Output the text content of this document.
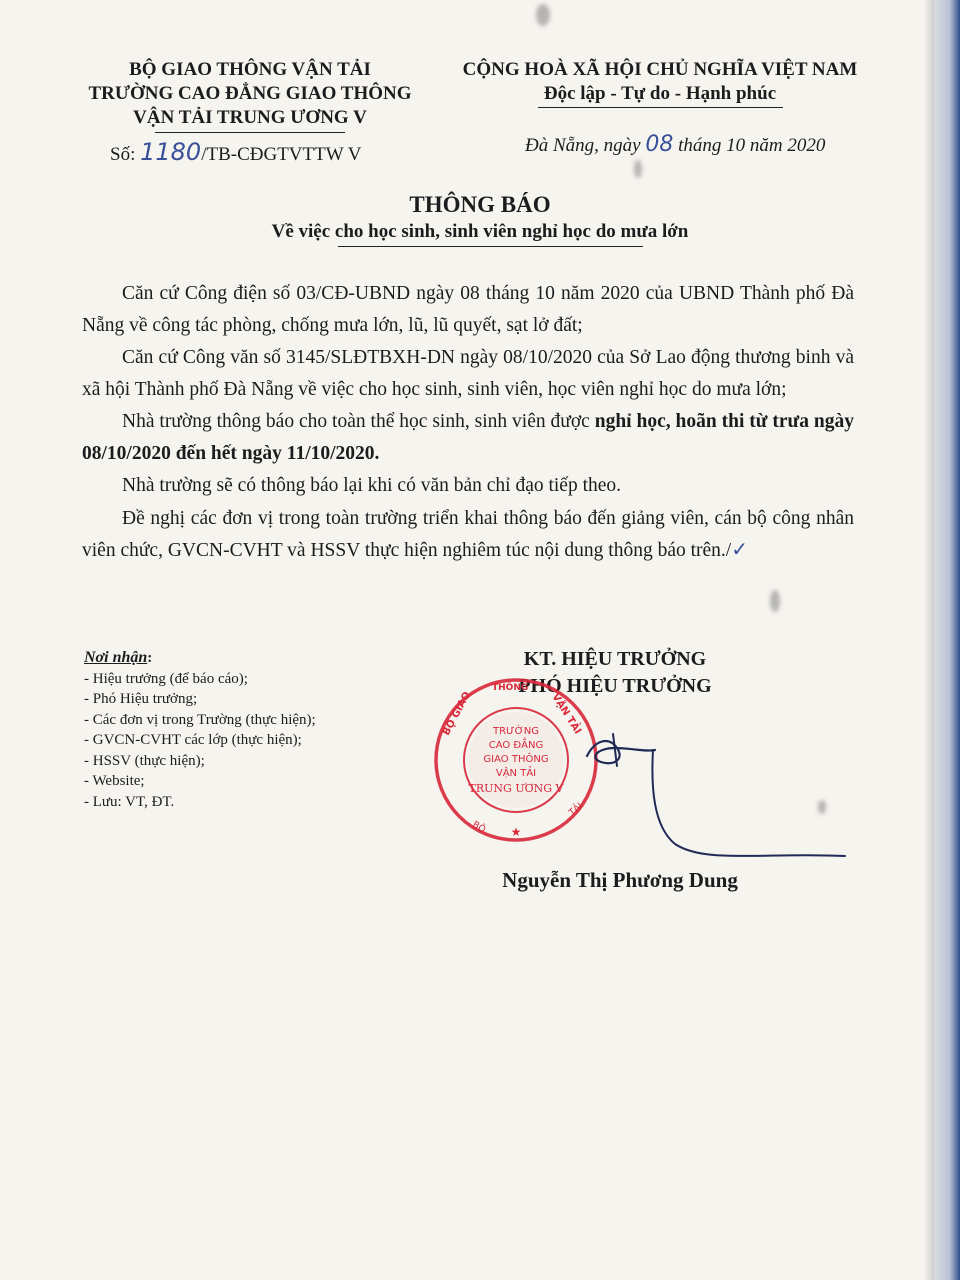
BỘ GIAO THÔNG VẬN TẢI
TRƯỜNG CAO ĐẲNG GIAO THÔNG
VẬN TẢI TRUNG ƯƠNG V
Số: 1180/TB-CĐGTVTTW V
CỘNG HOÀ XÃ HỘI CHỦ NGHĨA VIỆT NAM
Độc lập - Tự do - Hạnh phúc
Đà Nẵng, ngày 08 tháng 10 năm 2020
THÔNG BÁO
Về việc cho học sinh, sinh viên nghỉ học do mưa lớn

Căn cứ Công điện số 03/CĐ-UBND ngày 08 tháng 10 năm 2020 của UBND Thành phố Đà Nẵng về công tác phòng, chống mưa lớn, lũ, lũ quyết, sạt lở đất;

Căn cứ Công văn số 3145/SLĐTBXH-DN ngày 08/10/2020 của Sở Lao động thương binh và xã hội Thành phố Đà Nẵng về việc cho học sinh, sinh viên, học viên nghỉ học do mưa lớn;

Nhà trường thông báo cho toàn thể học sinh, sinh viên được nghỉ học, hoãn thi từ trưa ngày 08/10/2020 đến hết ngày 11/10/2020.

Nhà trường sẽ có thông báo lại khi có văn bản chỉ đạo tiếp theo.

Đề nghị các đơn vị trong toàn trường triển khai thông báo đến giảng viên, cán bộ công nhân viên chức, GVCN-CVHT và HSSV thực hiện nghiêm túc nội dung thông báo trên./✓

Nơi nhận:
- Hiệu trưởng (để báo cáo);
- Phó Hiệu trưởng;
- Các đơn vị trong Trường (thực hiện);
- GVCN-CVHT các lớp (thực hiện);
- HSSV (thực hiện);
- Website;
- Lưu: VT, ĐT.
KT. HIỆU TRƯỞNG
PHÓ HIỆU TRƯỞNG
BỘ GIAO	VẬN TẢI
THÔNG
TRƯỜNG
CAO ĐẲNG
GIAO THÔNG
VẬN TẢI
TRUNG ƯƠNG V
BỘ
TẢI
★
Nguyễn Thị Phương Dung
